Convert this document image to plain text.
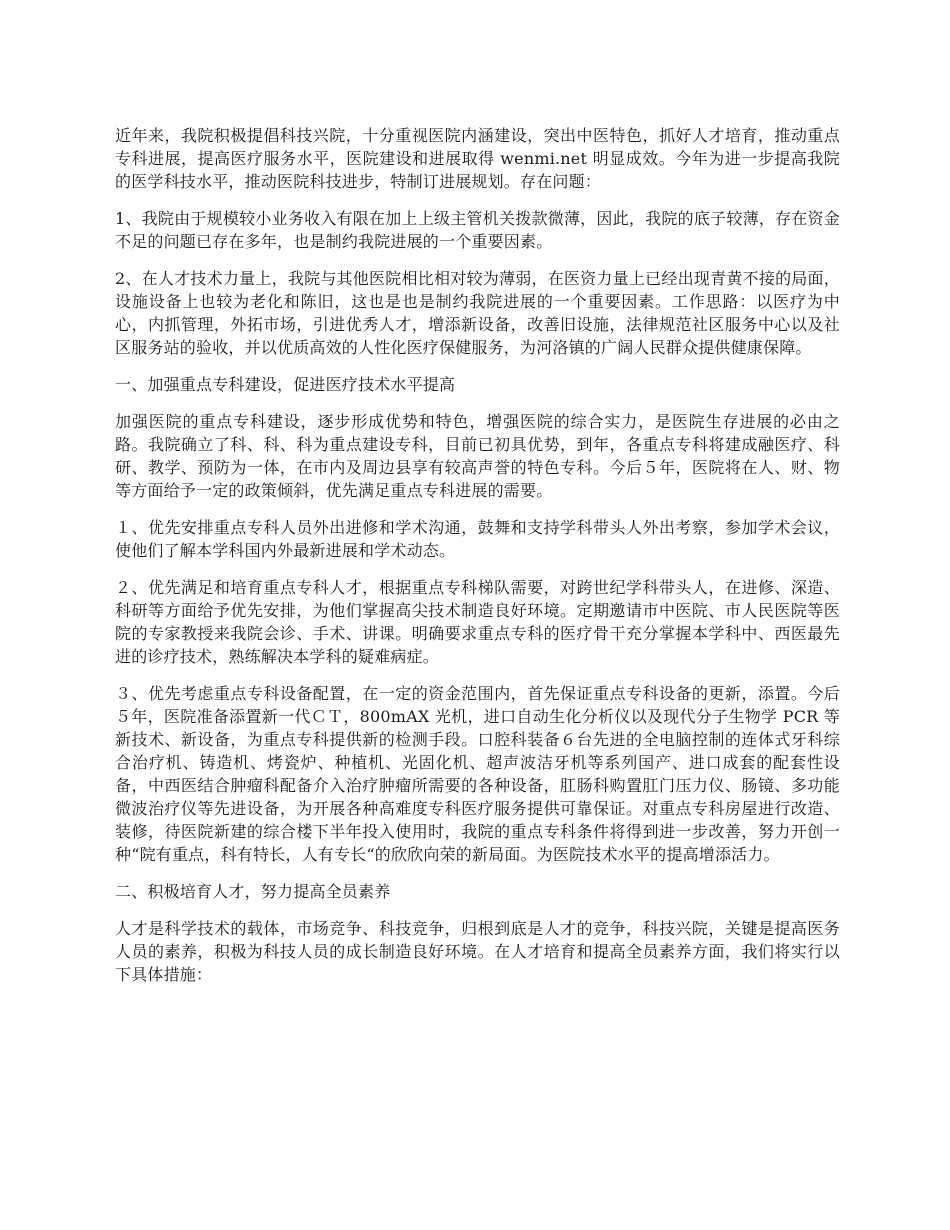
近年来，我院积极提倡科技兴院，十分重视医院内涵建设，突出中医特色，抓好人才培育，推动重点专科进展，提高医疗服务水平，医院建设和进展取得 wenmi.net 明显成效。今年为进一步提高我院的医学科技水平，推动医院科技进步，特制订进展规划。存在问题：

1、我院由于规模较小业务收入有限在加上上级主管机关拨款微薄，因此，我院的底子较薄，存在资金不足的问题已存在多年，也是制约我院进展的一个重要因素。

2、在人才技术力量上，我院与其他医院相比相对较为薄弱，在医资力量上已经出现青黄不接的局面，设施设备上也较为老化和陈旧，这也是也是制约我院进展的一个重要因素。工作思路：以医疗为中心，内抓管理，外拓市场，引进优秀人才，增添新设备，改善旧设施，法律规范社区服务中心以及社区服务站的验收，并以优质高效的人性化医疗保健服务，为河洛镇的广阔人民群众提供健康保障。

一、加强重点专科建设，促进医疗技术水平提高

加强医院的重点专科建设，逐步形成优势和特色，增强医院的综合实力，是医院生存进展的必由之路。我院确立了科、科、科为重点建设专科，目前已初具优势，到年，各重点专科将建成融医疗、科研、教学、预防为一体，在市内及周边县享有较高声誉的特色专科。今后５年，医院将在人、财、物等方面给予一定的政策倾斜，优先满足重点专科进展的需要。

１、优先安排重点专科人员外出进修和学术沟通，鼓舞和支持学科带头人外出考察，参加学术会议，使他们了解本学科国内外最新进展和学术动态。

２、优先满足和培育重点专科人才，根据重点专科梯队需要，对跨世纪学科带头人，在进修、深造、科研等方面给予优先安排，为他们掌握高尖技术制造良好环境。定期邀请市中医院、市人民医院等医院的专家教授来我院会诊、手术、讲课。明确要求重点专科的医疗骨干充分掌握本学科中、西医最先进的诊疗技术，熟练解决本学科的疑难病症。

３、优先考虑重点专科设备配置，在一定的资金范围内，首先保证重点专科设备的更新，添置。今后５年，医院准备添置新一代ＣＴ，800mAX 光机，进口自动生化分析仪以及现代分子生物学 PCR 等新技术、新设备，为重点专科提供新的检测手段。口腔科装备６台先进的全电脑控制的连体式牙科综合治疗机、铸造机、烤瓷炉、种植机、光固化机、超声波洁牙机等系列国产、进口成套的配套性设备，中西医结合肿瘤科配备介入治疗肿瘤所需要的各种设备，肛肠科购置肛门压力仪、肠镜、多功能微波治疗仪等先进设备，为开展各种高难度专科医疗服务提供可靠保证。对重点专科房屋进行改造、装修，待医院新建的综合楼下半年投入使用时，我院的重点专科条件将得到进一步改善，努力开创一种“院有重点，科有特长，人有专长“的欣欣向荣的新局面。为医院技术水平的提高增添活力。

二、积极培育人才，努力提高全员素养

人才是科学技术的载体，市场竞争、科技竞争，归根到底是人才的竞争，科技兴院，关键是提高医务人员的素养，积极为科技人员的成长制造良好环境。在人才培育和提高全员素养方面，我们将实行以下具体措施：
